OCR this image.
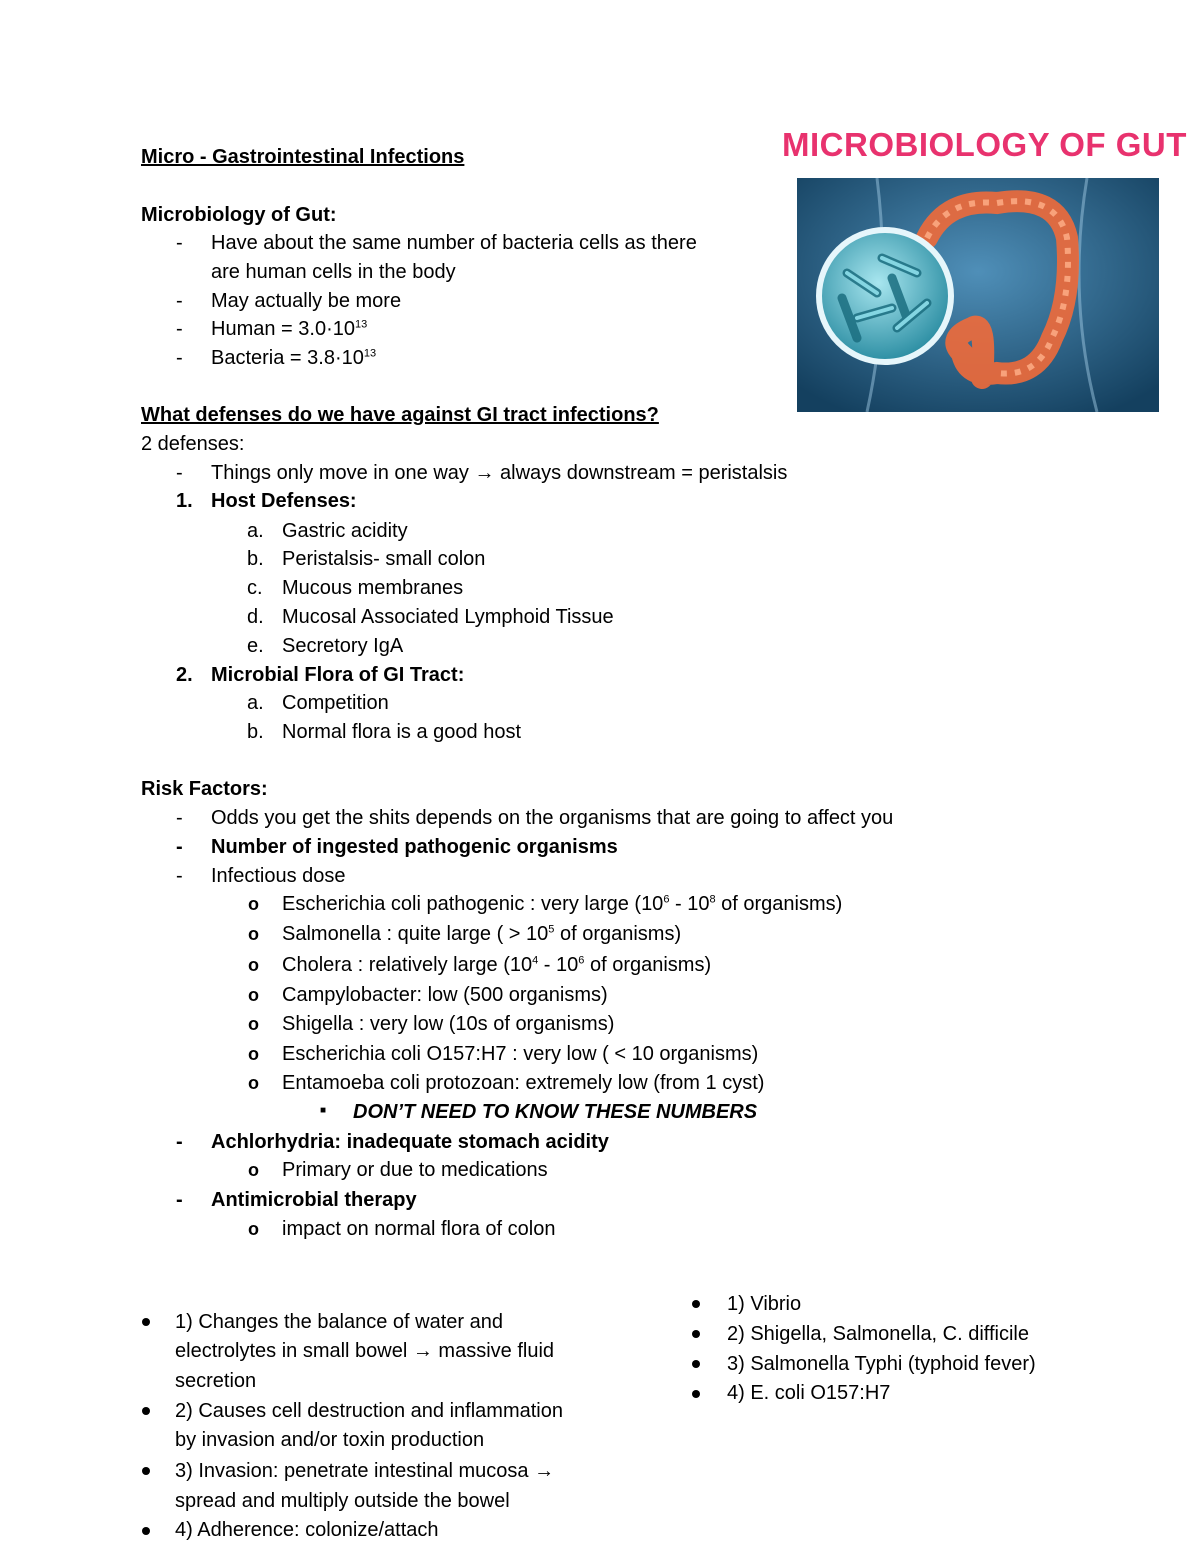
Micro - Gastrointestinal Infections	MICROBIOLOGY OF GUT
Microbiology of Gut:
- Have about the same number of bacteria cells as there
are human cells in the body
- May actually be more
- Human = $3.0\cdot 10^{13}$
- Bacteria = $3.8\cdot 10^{13}$
What defenses do we have against GI tract infections?
2 defenses:
- Things only move in one way → always downstream = peristalsis
1. Host Defenses:
a. Gastric acidity
b. Peristalsis- small colon
c. Mucous membranes
d. Mucosal Associated Lymphoid Tissue
e. Secretory IgA
2. Microbial Flora of GI Tract:
a. Competition
b. Normal flora is a good host
Risk Factors:
- Odds you get the shits depends on the organisms that are going to affect you
- Number of ingested pathogenic organisms
- Infectious dose
o Escherichia coli pathogenic : very large ($10^6 - 10^8$ of organisms)
o Salmonella : quite large ( > $10^5$ of organisms)
o Cholera : relatively large ($10^4 - 10^6$ of organisms)
o Campylobacter: low (500 organisms)
o Shigella : very low (10s of organisms)
o Escherichia coli O157:H7 : very low ( < 10 organisms)
o Entamoeba coli protozoan: extremely low (from 1 cyst)
■ DON’T NEED TO KNOW THESE NUMBERS
- Achlorhydria: inadequate stomach acidity
o Primary or due to medications
- Antimicrobial therapy
o impact on normal flora of colon
1) Changes the balance of water and
electrolytes in small bowel → massive fluid
secretion
2) Causes cell destruction and inflammation
by invasion and/or toxin production
3) Invasion: penetrate intestinal mucosa →
spread and multiply outside the bowel
4) Adherence: colonize/attach
1) Vibrio
2) Shigella, Salmonella, C. difficile
3) Salmonella Typhi (typhoid fever)
4) E. coli O157:H7
